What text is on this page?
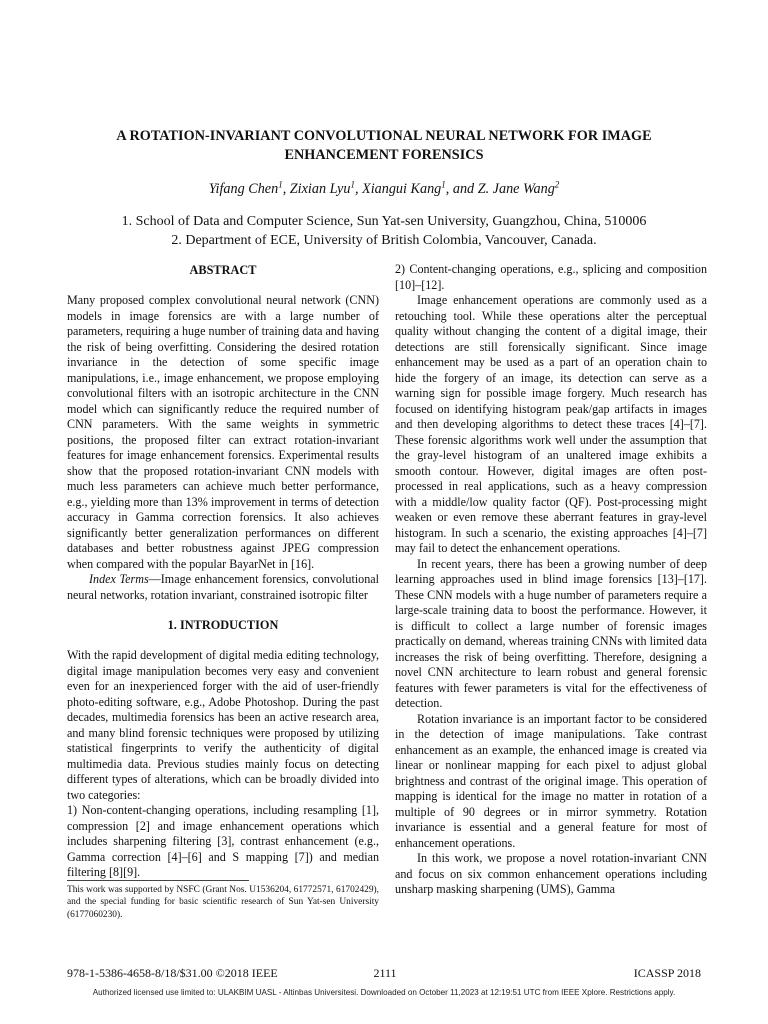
A ROTATION-INVARIANT CONVOLUTIONAL NEURAL NETWORK FOR IMAGE ENHANCEMENT FORENSICS
Yifang Chen$^1$, Zixian Lyu$^1$, Xiangui Kang$^1$, and Z. Jane Wang$^2$
1. School of Data and Computer Science, Sun Yat-sen University, Guangzhou, China, 510006
2. Department of ECE, University of British Colombia, Vancouver, Canada.
ABSTRACT

Many proposed complex convolutional neural network (CNN) models in image forensics are with a large number of parameters, requiring a huge number of training data and having the risk of being overfitting. Considering the desired rotation invariance in the detection of some specific image manipulations, i.e., image enhancement, we propose employing convolutional filters with an isotropic architecture in the CNN model which can significantly reduce the required number of CNN parameters. With the same weights in symmetric positions, the proposed filter can extract rotation-invariant features for image enhancement forensics. Experimental results show that the proposed rotation-invariant CNN models with much less parameters can achieve much better performance, e.g., yielding more than 13% improvement in terms of detection accuracy in Gamma correction forensics. It also achieves significantly better generalization performances on different databases and better robustness against JPEG compression when compared with the popular BayarNet in [16].

Index Terms—Image enhancement forensics, convolutional neural networks, rotation invariant, constrained isotropic filter

1. INTRODUCTION

With the rapid development of digital media editing technology, digital image manipulation becomes very easy and convenient even for an inexperienced forger with the aid of user-friendly photo-editing software, e.g., Adobe Photoshop. During the past decades, multimedia forensics has been an active research area, and many blind forensic techniques were proposed by utilizing statistical fingerprints to verify the authenticity of digital multimedia data. Previous studies mainly focus on detecting different types of alterations, which can be broadly divided into two categories:

1) Non-content-changing operations, including resampling [1], compression [2] and image enhancement operations which includes sharpening filtering [3], contrast enhancement (e.g., Gamma correction [4]–[6] and S mapping [7]) and median filtering [8][9].

2) Content-changing operations, e.g., splicing and composition [10]–[12].

Image enhancement operations are commonly used as a retouching tool. While these operations alter the perceptual quality without changing the content of a digital image, their detections are still forensically significant. Since image enhancement may be used as a part of an operation chain to hide the forgery of an image, its detection can serve as a warning sign for possible image forgery. Much research has focused on identifying histogram peak/gap artifacts in images and then developing algorithms to detect these traces [4]–[7]. These forensic algorithms work well under the assumption that the gray-level histogram of an unaltered image exhibits a smooth contour. However, digital images are often post-processed in real applications, such as a heavy compression with a middle/low quality factor (QF). Post-processing might weaken or even remove these aberrant features in gray-level histogram. In such a scenario, the existing approaches [4]–[7] may fail to detect the enhancement operations.

In recent years, there has been a growing number of deep learning approaches used in blind image forensics [13]–[17]. These CNN models with a huge number of parameters require a large-scale training data to boost the performance. However, it is difficult to collect a large number of forensic images practically on demand, whereas training CNNs with limited data increases the risk of being overfitting. Therefore, designing a novel CNN architecture to learn robust and general forensic features with fewer parameters is vital for the effectiveness of detection.

Rotation invariance is an important factor to be considered in the detection of image manipulations. Take contrast enhancement as an example, the enhanced image is created via linear or nonlinear mapping for each pixel to adjust global brightness and contrast of the original image. This operation of mapping is identical for the image no matter in rotation of a multiple of 90 degrees or in mirror symmetry. Rotation invariance is essential and a general feature for most of enhancement operations.

In this work, we propose a novel rotation-invariant CNN and focus on six common enhancement operations including unsharp masking sharpening (UMS), Gamma

This work was supported by NSFC (Grant Nos. U1536204, 61772571, 61702429), and the special funding for basic scientific research of Sun Yat-sen University (6177060230).
978-1-5386-4658-8/18/$31.00 ©2018 IEEE	2111	ICASSP 2018
Authorized licensed use limited to: ULAKBIM UASL - Altinbas Universitesi. Downloaded on October 11,2023 at 12:19:51 UTC from IEEE Xplore. Restrictions apply.
